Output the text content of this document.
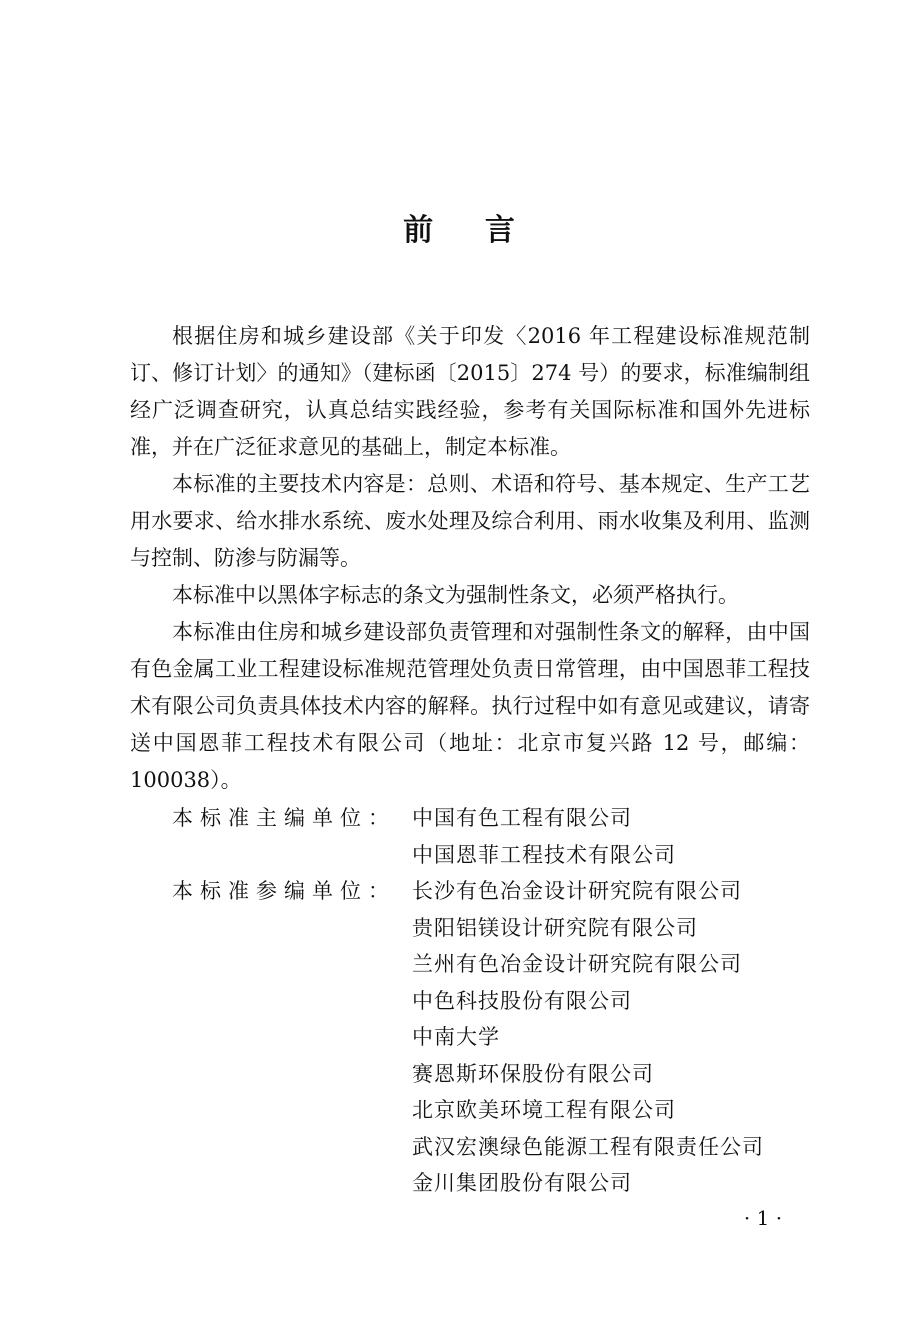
前    言

根据住房和城乡建设部《关于印发〈2016 年工程建设标准规范制订、修订计划〉的通知》（建标函〔2015〕274 号）的要求，标准编制组经广泛调查研究，认真总结实践经验，参考有关国际标准和国外先进标准，并在广泛征求意见的基础上，制定本标准。

本标准的主要技术内容是：总则、术语和符号、基本规定、生产工艺用水要求、给水排水系统、废水处理及综合利用、雨水收集及利用、监测与控制、防渗与防漏等。

本标准中以黑体字标志的条文为强制性条文，必须严格执行。

本标准由住房和城乡建设部负责管理和对强制性条文的解释，由中国有色金属工业工程建设标准规范管理处负责日常管理，由中国恩菲工程技术有限公司负责具体技术内容的解释。执行过程中如有意见或建议，请寄送中国恩菲工程技术有限公司（地址：北京市复兴路 12 号，邮编：100038）。

本标准主编单位： 中国有色工程有限公司
中国恩菲工程技术有限公司
本标准参编单位： 长沙有色冶金设计研究院有限公司
贵阳铝镁设计研究院有限公司
兰州有色冶金设计研究院有限公司
中色科技股份有限公司
中南大学
赛恩斯环保股份有限公司
北京欧美环境工程有限公司
武汉宏澳绿色能源工程有限责任公司
金川集团股份有限公司
· 1 ·
